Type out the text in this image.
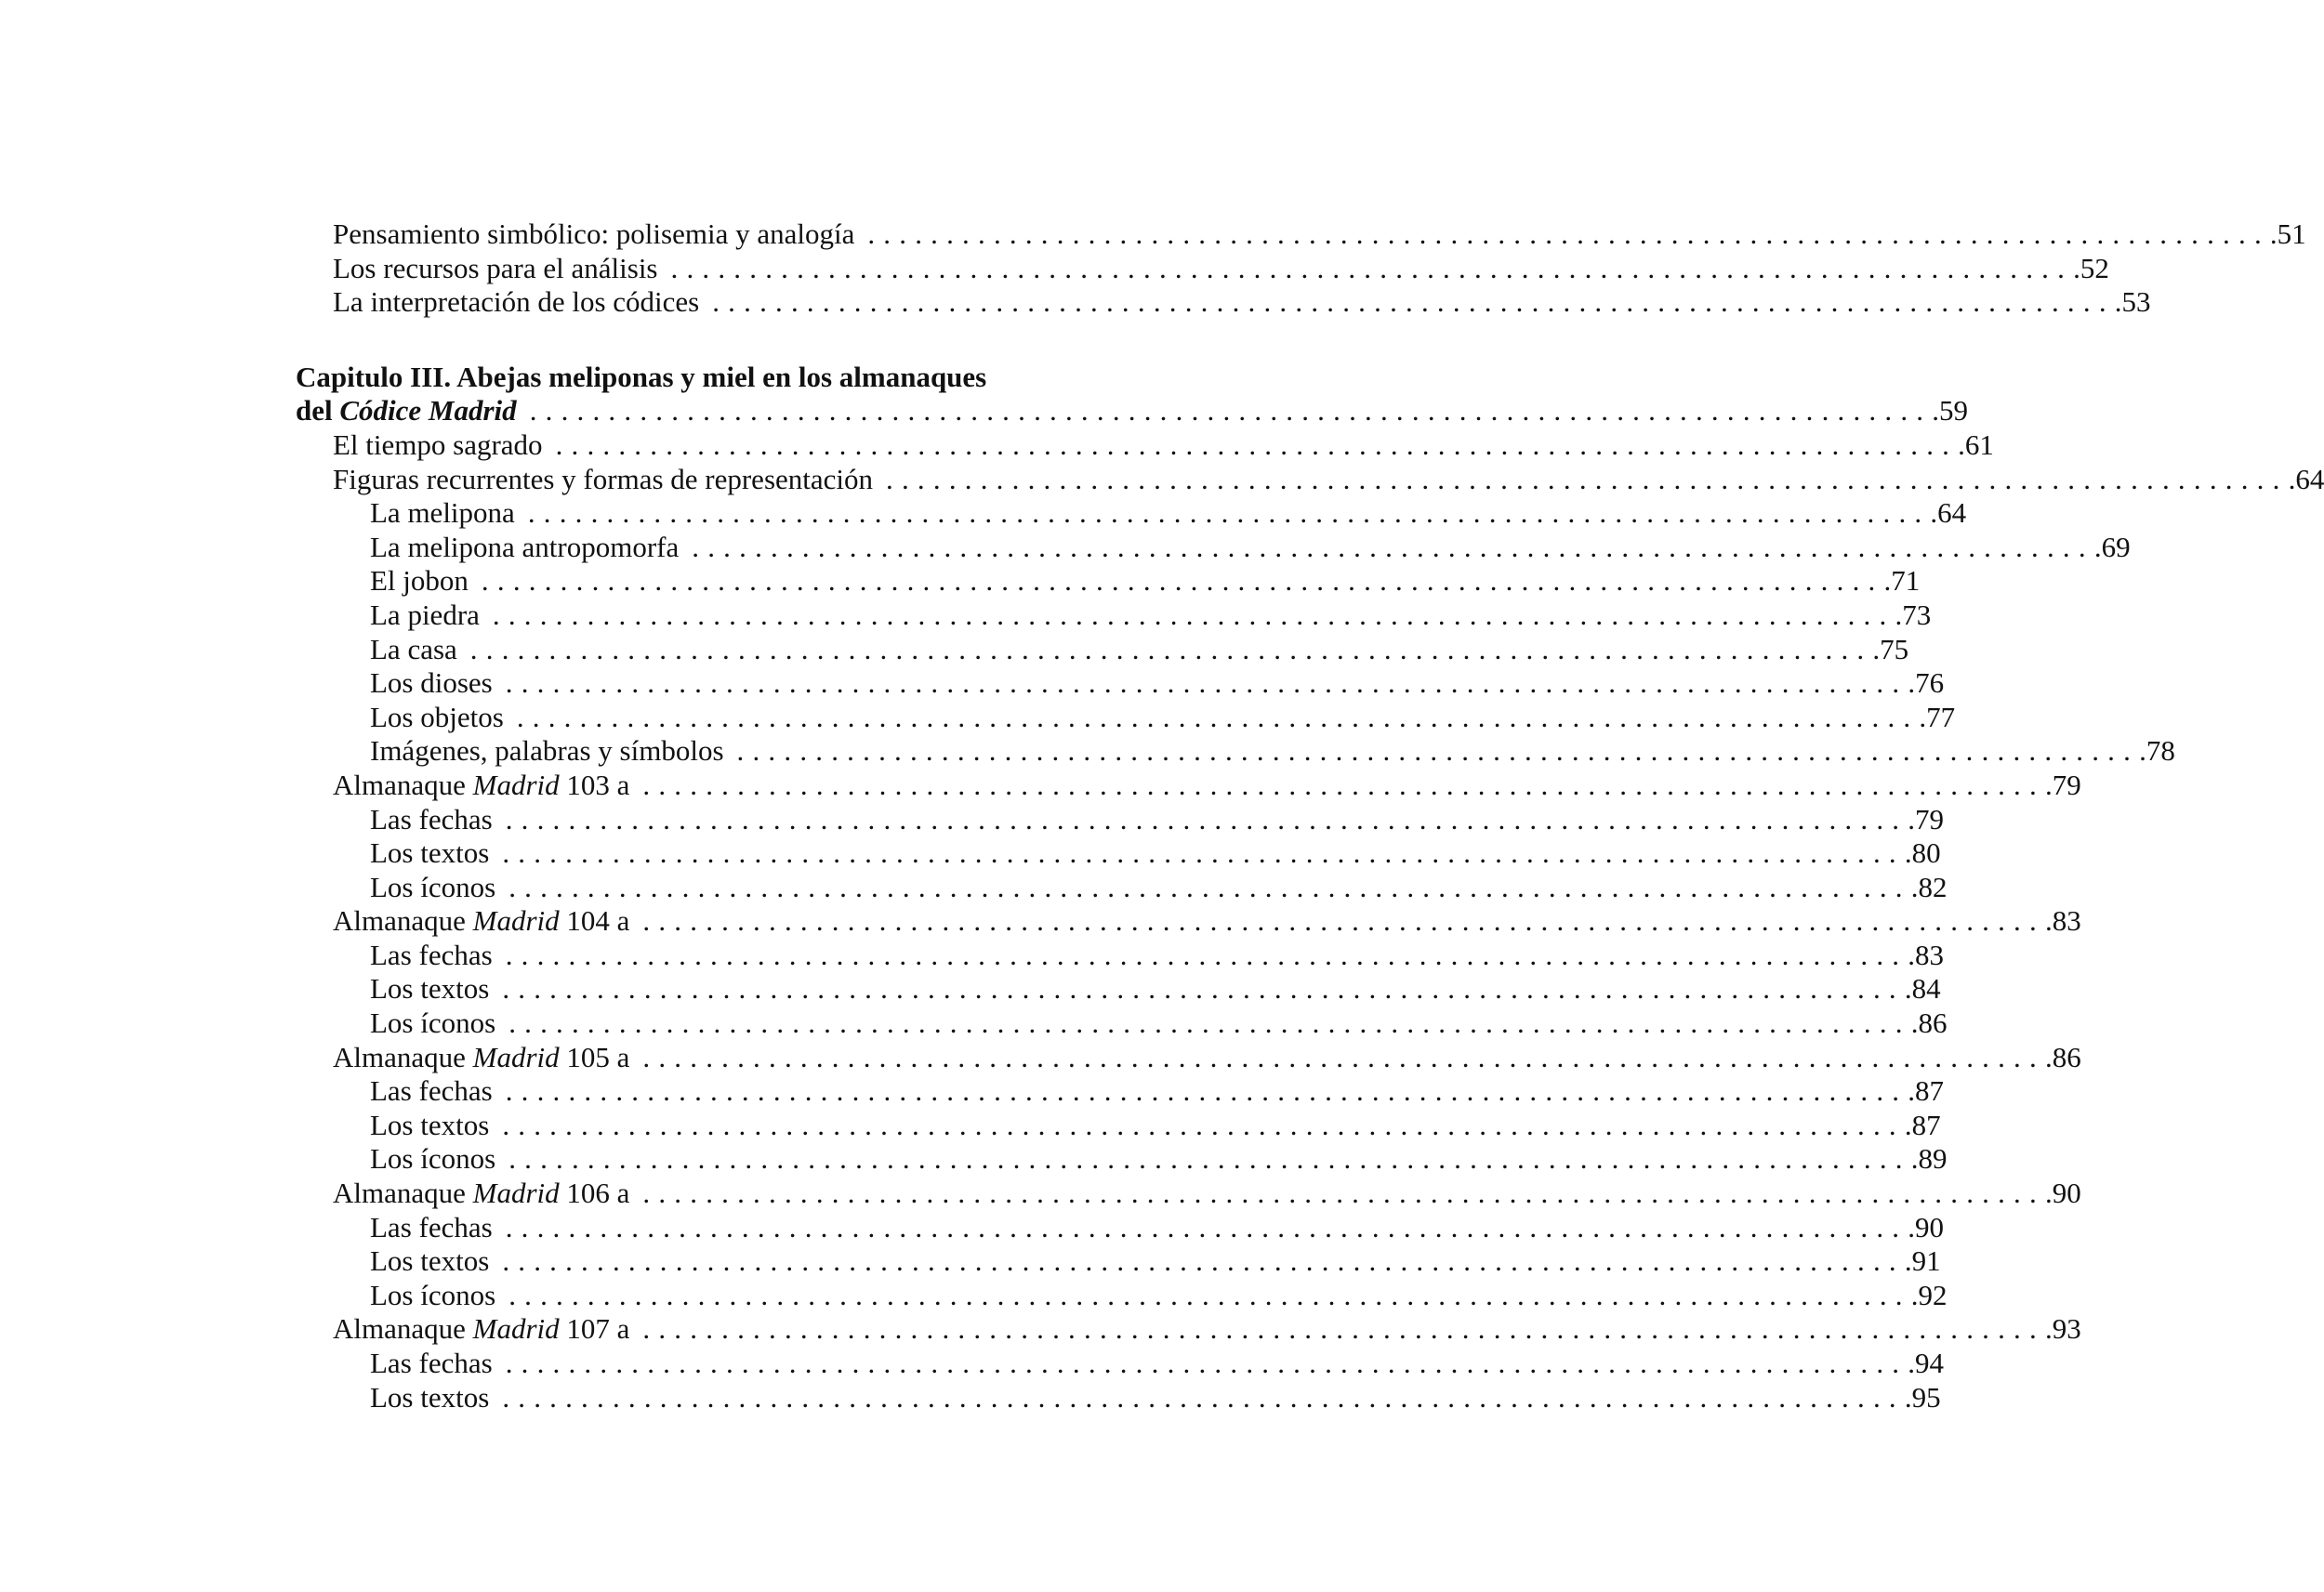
Pensamiento simbólico: polisemia y analogía ......................................................................................... .51
Los recursos para el análisis ......................................................................................... .52
La interpretación de los códices ......................................................................................... .53
Capitulo III. Abejas meliponas y miel en los almanaques
del Códice Madrid ......................................................................................... .59
El tiempo sagrado ......................................................................................... .61
Figuras recurrentes y formas de representación ......................................................................................... .64
La melipona ......................................................................................... .64
La melipona antropomorfa ......................................................................................... .69
El jobon ......................................................................................... .71
La piedra ......................................................................................... .73
La casa ......................................................................................... .75
Los dioses ......................................................................................... .76
Los objetos ......................................................................................... .77
Imágenes, palabras y símbolos ......................................................................................... .78
Almanaque Madrid 103 a ......................................................................................... .79
Las fechas ......................................................................................... .79
Los textos ......................................................................................... .80
Los íconos ......................................................................................... .82
Almanaque Madrid 104 a ......................................................................................... .83
Las fechas ......................................................................................... .83
Los textos ......................................................................................... .84
Los íconos ......................................................................................... .86
Almanaque Madrid 105 a ......................................................................................... .86
Las fechas ......................................................................................... .87
Los textos ......................................................................................... .87
Los íconos ......................................................................................... .89
Almanaque Madrid 106 a ......................................................................................... .90
Las fechas ......................................................................................... .90
Los textos ......................................................................................... .91
Los íconos ......................................................................................... .92
Almanaque Madrid 107 a ......................................................................................... .93
Las fechas ......................................................................................... .94
Los textos ......................................................................................... .95
